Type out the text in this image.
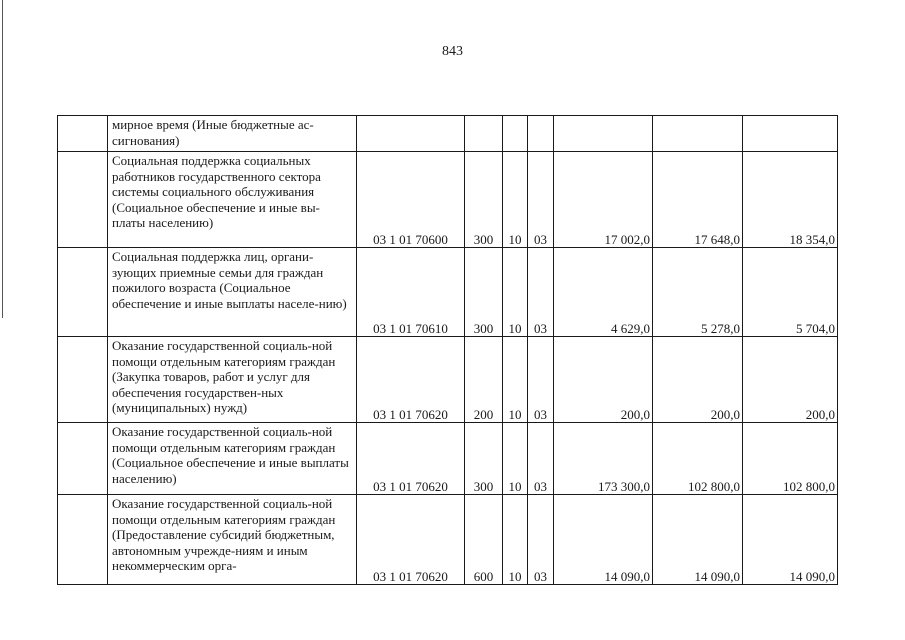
843
	мирное время (Иные бюджетные ас-сигнования)							
	Социальная поддержка социальных работников государственного сектора системы социального обслуживания (Социальное обеспечение и иные вы-платы населению)	03 1 01 70600	300	10	03	17 002,0	17 648,0	18 354,0
	Социальная поддержка лиц, органи-зующих приемные семьи для граждан пожилого возраста (Социальное обеспечение и иные выплаты населе-нию)	03 1 01 70610	300	10	03	4 629,0	5 278,0	5 704,0
	Оказание государственной социаль-ной помощи отдельным категориям граждан (Закупка товаров, работ и услуг для обеспечения государствен-ных (муниципальных) нужд)	03 1 01 70620	200	10	03	200,0	200,0	200,0
	Оказание государственной социаль-ной помощи отдельным категориям граждан (Социальное обеспечение и иные выплаты населению)	03 1 01 70620	300	10	03	173 300,0	102 800,0	102 800,0
	Оказание государственной социаль-ной помощи отдельным категориям граждан (Предоставление субсидий бюджетным, автономным учрежде-ниям и иным некоммерческим орга-	03 1 01 70620	600	10	03	14 090,0	14 090,0	14 090,0
